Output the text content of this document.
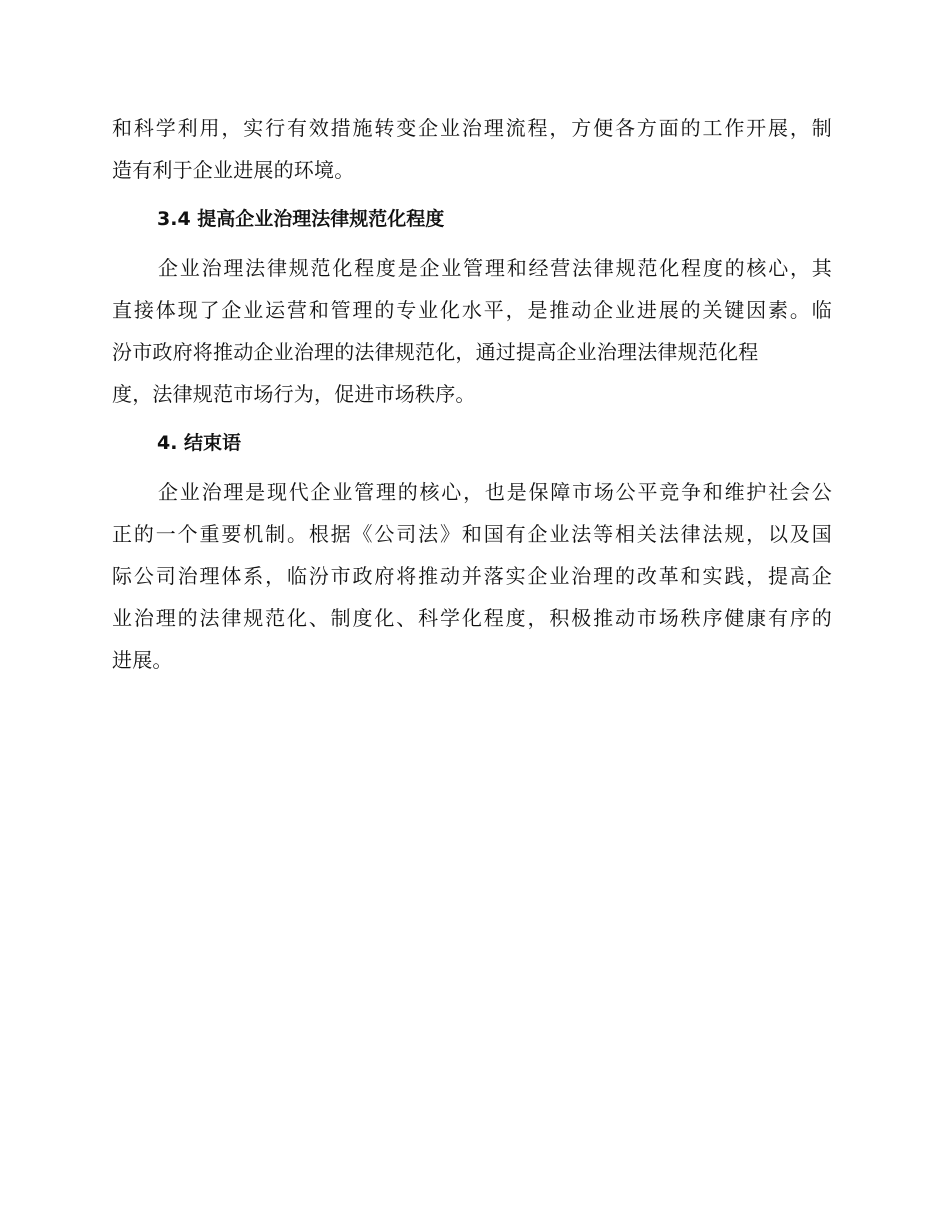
和科学利用，实行有效措施转变企业治理流程，方便各方面的工作开展，制
造有利于企业进展的环境。

3.4 提高企业治理法律规范化程度

企业治理法律规范化程度是企业管理和经营法律规范化程度的核心，其
直接体现了企业运营和管理的专业化水平，是推动企业进展的关键因素。临
汾市政府将推动企业治理的法律规范化，通过提高企业治理法律规范化程
度，法律规范市场行为，促进市场秩序。

4. 结束语

企业治理是现代企业管理的核心，也是保障市场公平竞争和维护社会公
正的一个重要机制。根据《公司法》和国有企业法等相关法律法规，以及国
际公司治理体系，临汾市政府将推动并落实企业治理的改革和实践，提高企
业治理的法律规范化、制度化、科学化程度，积极推动市场秩序健康有序的
进展。
